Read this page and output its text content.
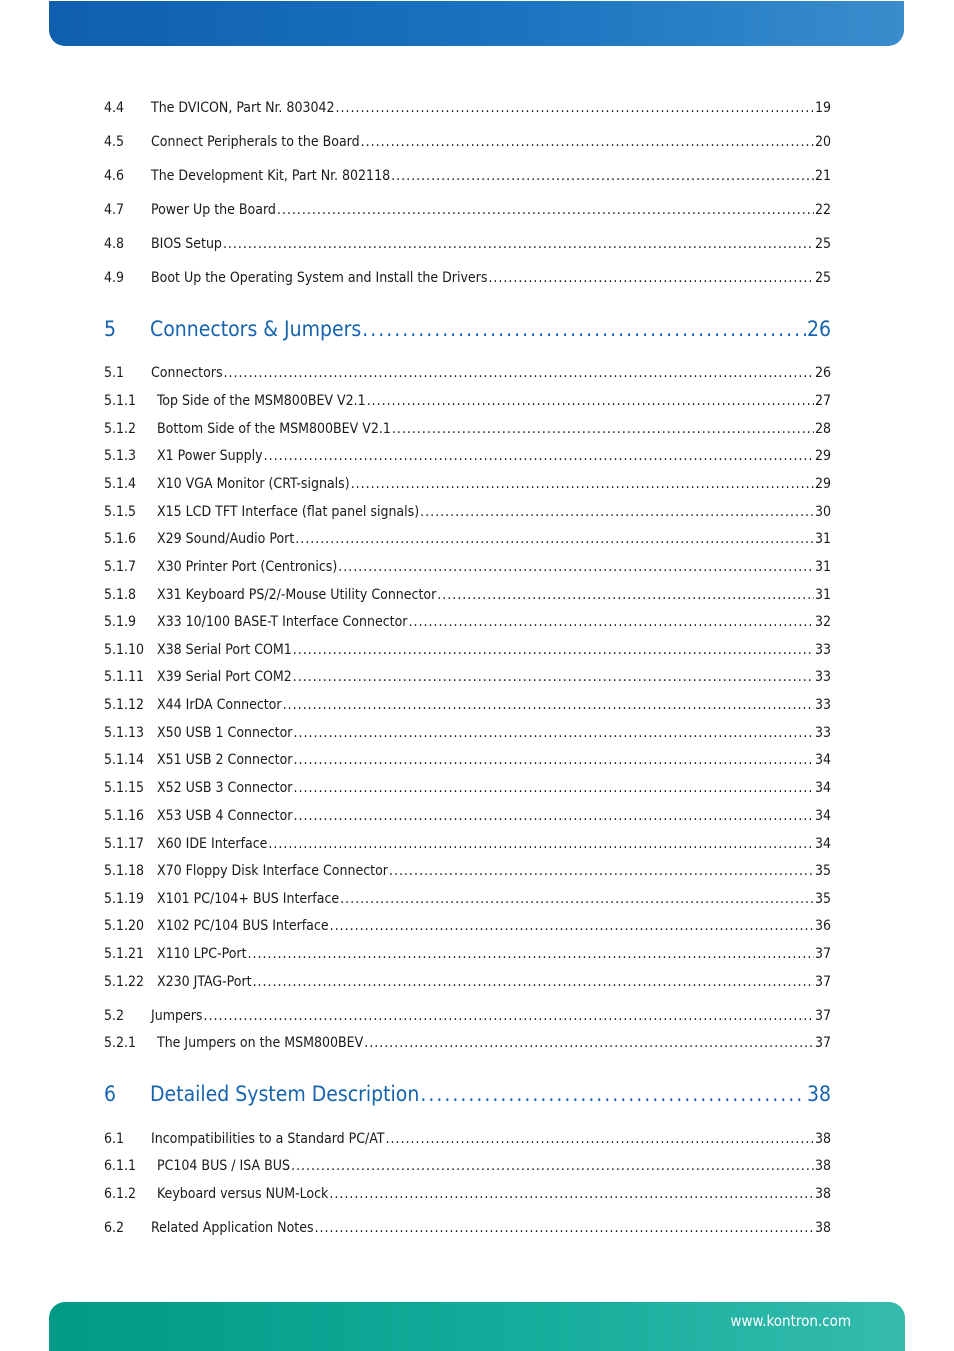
4.4	The DVICON, Part Nr. 803042 .....	19
4.5	Connect Peripherals to the Board .....	20
4.6	The Development Kit, Part Nr. 802118 .....	21
4.7	Power Up the Board .....	22
4.8	BIOS Setup .....	25
4.9	Boot Up the Operating System and Install the Drivers .....	25
5	Connectors & Jumpers .....	26
5.1	Connectors .....	26
5.1.1	Top Side of the MSM800BEV V2.1 .....	27
5.1.2	Bottom Side of the MSM800BEV V2.1 .....	28
5.1.3	X1 Power Supply .....	29
5.1.4	X10 VGA Monitor (CRT-signals) .....	29
5.1.5	X15 LCD TFT Interface (flat panel signals) .....	30
5.1.6	X29 Sound/Audio Port .....	31
5.1.7	X30 Printer Port (Centronics) .....	31
5.1.8	X31 Keyboard PS/2/-Mouse Utility Connector .....	31
5.1.9	X33 10/100 BASE-T Interface Connector .....	32
5.1.10 X38 Serial Port COM1 .....	33
5.1.11 X39 Serial Port COM2 .....	33
5.1.12 X44 IrDA Connector .....	33
5.1.13 X50 USB 1 Connector .....	33
5.1.14 X51 USB 2 Connector .....	34
5.1.15 X52 USB 3 Connector .....	34
5.1.16 X53 USB 4 Connector .....	34
5.1.17 X60 IDE Interface .....	34
5.1.18 X70 Floppy Disk Interface Connector .....	35
5.1.19 X101 PC/104+ BUS Interface .....	35
5.1.20 X102 PC/104 BUS Interface .....	36
5.1.21 X110 LPC-Port .....	37
5.1.22 X230 JTAG-Port .....	37
5.2	Jumpers .....	37
5.2.1	The Jumpers on the MSM800BEV .....	37
6	Detailed System Description .....	38
6.1	Incompatibilities to a Standard PC/AT .....	38
6.1.1	PC104 BUS / ISA BUS .....	38
6.1.2	Keyboard versus NUM-Lock .....	38
6.2	Related Application Notes .....	38
www.kontron.com
